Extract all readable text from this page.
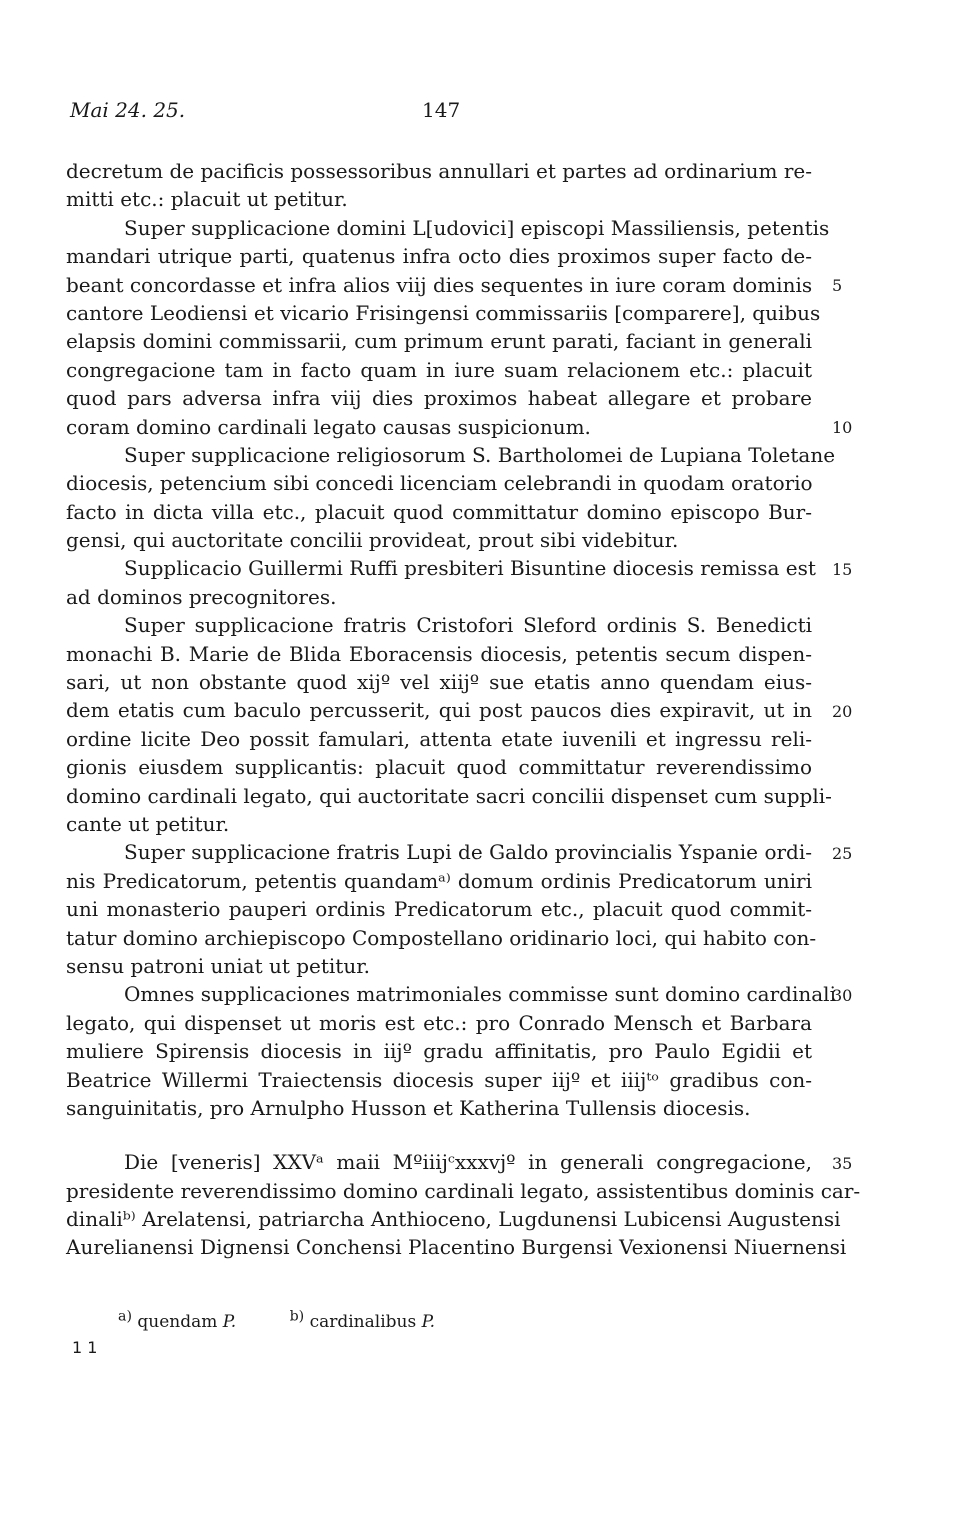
Mai 24. 25.	147
decretum de pacificis possessoribus annullari et partes ad ordinarium re-
mitti etc.: placuit ut petitur.
Super supplicacione domini L[udovici] episcopi Massiliensis, petentis
mandari utrique parti, quatenus infra octo dies proximos super facto de-
beant concordasse et infra alios viij dies sequentes in iure coram dominis
cantore Leodiensi et vicario Frisingensi commissariis [comparere], quibus
elapsis domini commissarii, cum primum erunt parati, faciant in generali
congregacione tam in facto quam in iure suam relacionem etc.: placuit
quod pars adversa infra viij dies proximos habeat allegare et probare
coram domino cardinali legato causas suspicionum.
Super supplicacione religiosorum S. Bartholomei de Lupiana Toletane
diocesis, petencium sibi concedi licenciam celebrandi in quodam oratorio
facto in dicta villa etc., placuit quod committatur domino episcopo Bur-
gensi, qui auctoritate concilii provideat, prout sibi videbitur.
Supplicacio Guillermi Ruffi presbiteri Bisuntine diocesis remissa est
ad dominos precognitores.
Super supplicacione fratris Cristofori Sleford ordinis S. Benedicti
monachi B. Marie de Blida Eboracensis diocesis, petentis secum dispen-
sari, ut non obstante quod xijº vel xiijº sue etatis anno quendam eius-
dem etatis cum baculo percusserit, qui post paucos dies expiravit, ut in
ordine licite Deo possit famulari, attenta etate iuvenili et ingressu reli-
gionis eiusdem supplicantis: placuit quod committatur reverendissimo
domino cardinali legato, qui auctoritate sacri concilii dispenset cum suppli-
cante ut petitur.
Super supplicacione fratris Lupi de Galdo provincialis Yspanie ordi-
nis Predicatorum, petentis quandamᵃ⁾ domum ordinis Predicatorum uniri
uni monasterio pauperi ordinis Predicatorum etc., placuit quod commit-
tatur domino archiepiscopo Compostellano oridinario loci, qui habito con-
sensu patroni uniat ut petitur.
Omnes supplicaciones matrimoniales commisse sunt domino cardinali
legato, qui dispenset ut moris est etc.: pro Conrado Mensch et Barbara
muliere Spirensis diocesis in iijº gradu affinitatis, pro Paulo Egidii et
Beatrice Willermi Traiectensis diocesis super iijº et iiijᵗᵒ gradibus con-
sanguinitatis, pro Arnulpho Husson et Katherina Tullensis diocesis.
Die [veneris] XXVᵃ maii Mºiiijᶜxxxvjº in generali congregacione,
presidente reverendissimo domino cardinali legato, assistentibus dominis car-
dinaliᵇ⁾ Arelatensi, patriarcha Anthioceno, Lugdunensi Lubicensi Augustensi
Aurelianensi Dignensi Conchensi Placentino Burgensi Vexionensi Niuernensi
5
10
15
20
25
30
35
$^{a)}$ quendam P.	$^{b)}$ cardinalibus P.
1 1
